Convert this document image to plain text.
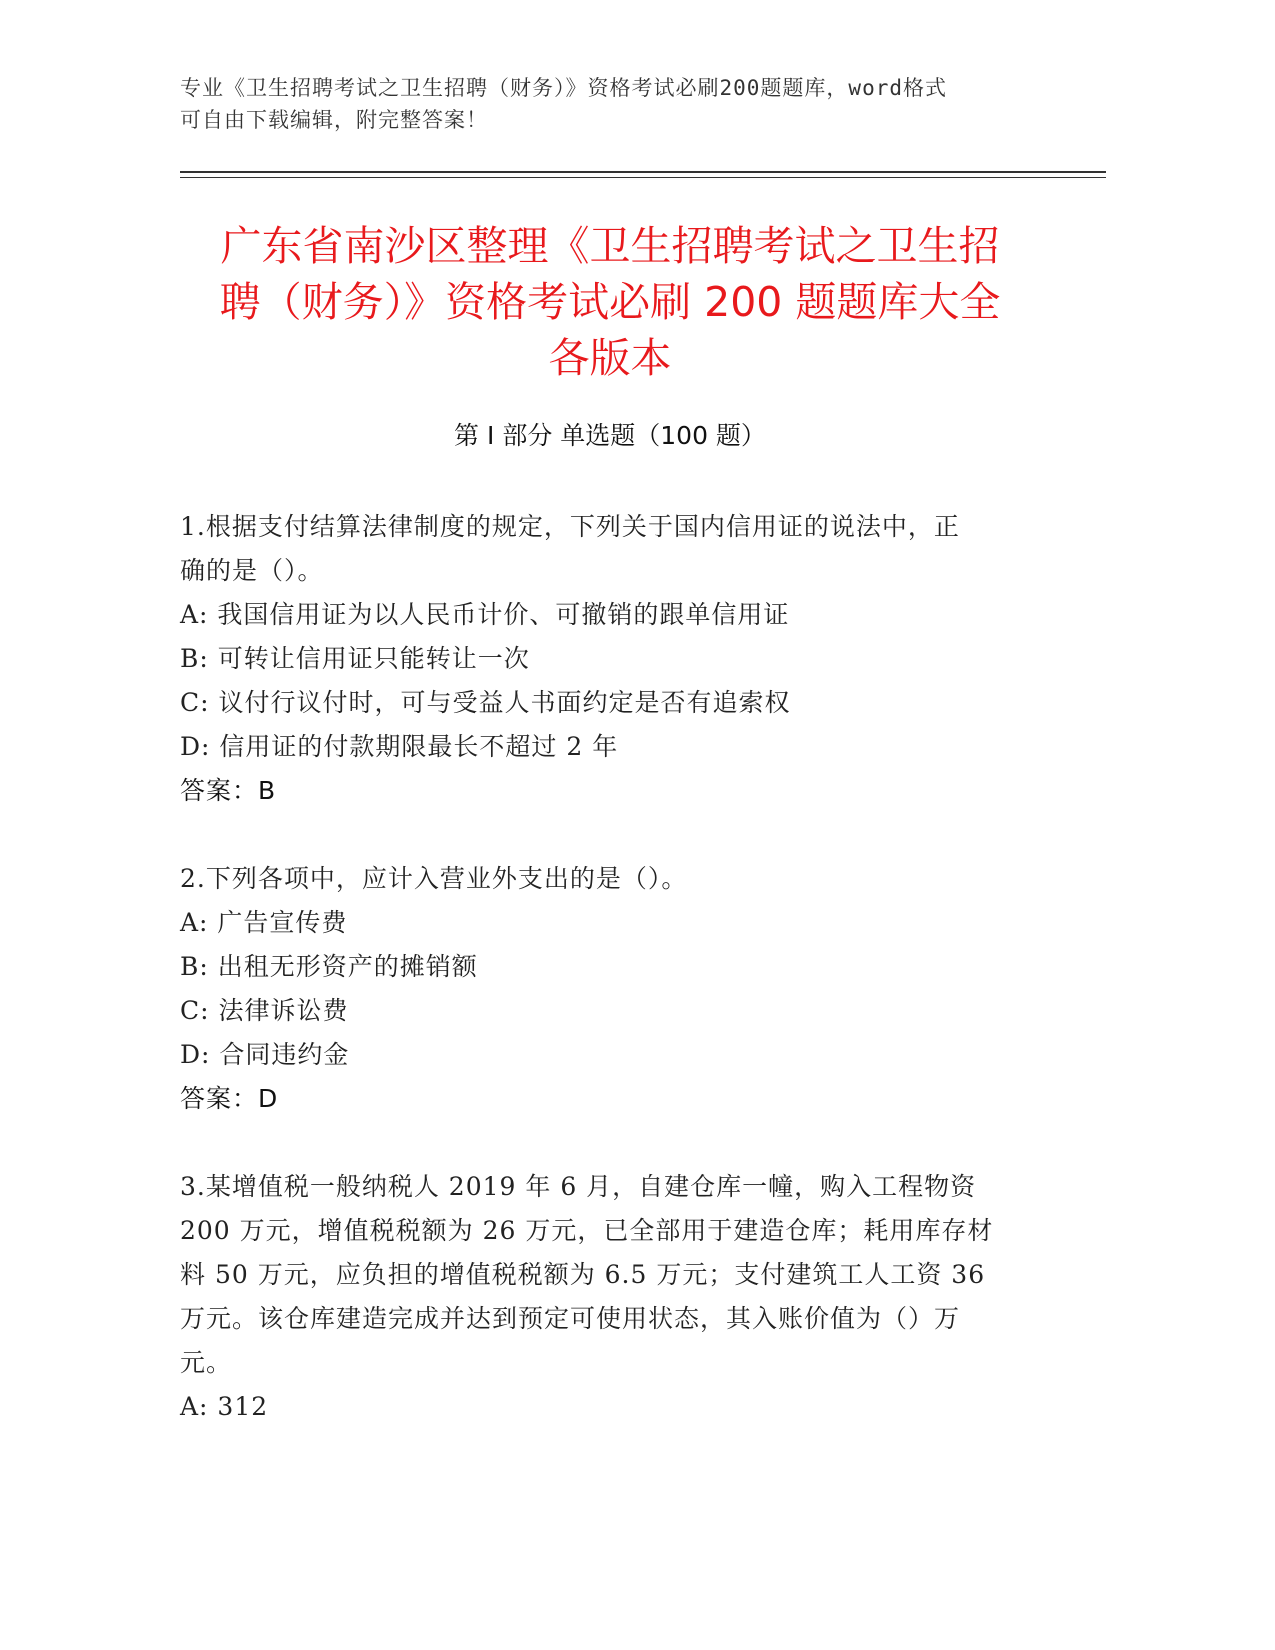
专业《卫生招聘考试之卫生招聘（财务）》资格考试必刷200题题库，word格式
可自由下载编辑，附完整答案！
广东省南沙区整理《卫生招聘考试之卫生招
聘（财务）》资格考试必刷 200 题题库大全
各版本
第 I 部分 单选题（100 题）

1.根据支付结算法律制度的规定，下列关于国内信用证的说法中，正

确的是（）。

A: 我国信用证为以人民币计价、可撤销的跟单信用证

B: 可转让信用证只能转让一次

C: 议付行议付时，可与受益人书面约定是否有追索权

D: 信用证的付款期限最长不超过 2 年

答案：B

2.下列各项中，应计入营业外支出的是（）。

A: 广告宣传费

B: 出租无形资产的摊销额

C: 法律诉讼费

D: 合同违约金

答案：D

3.某增值税一般纳税人 2019 年 6 月，自建仓库一幢，购入工程物资

200 万元，增值税税额为 26 万元，已全部用于建造仓库；耗用库存材

料 50 万元，应负担的增值税税额为 6.5 万元；支付建筑工人工资 36

万元。该仓库建造完成并达到预定可使用状态，其入账价值为（）万

元。

A: 312
